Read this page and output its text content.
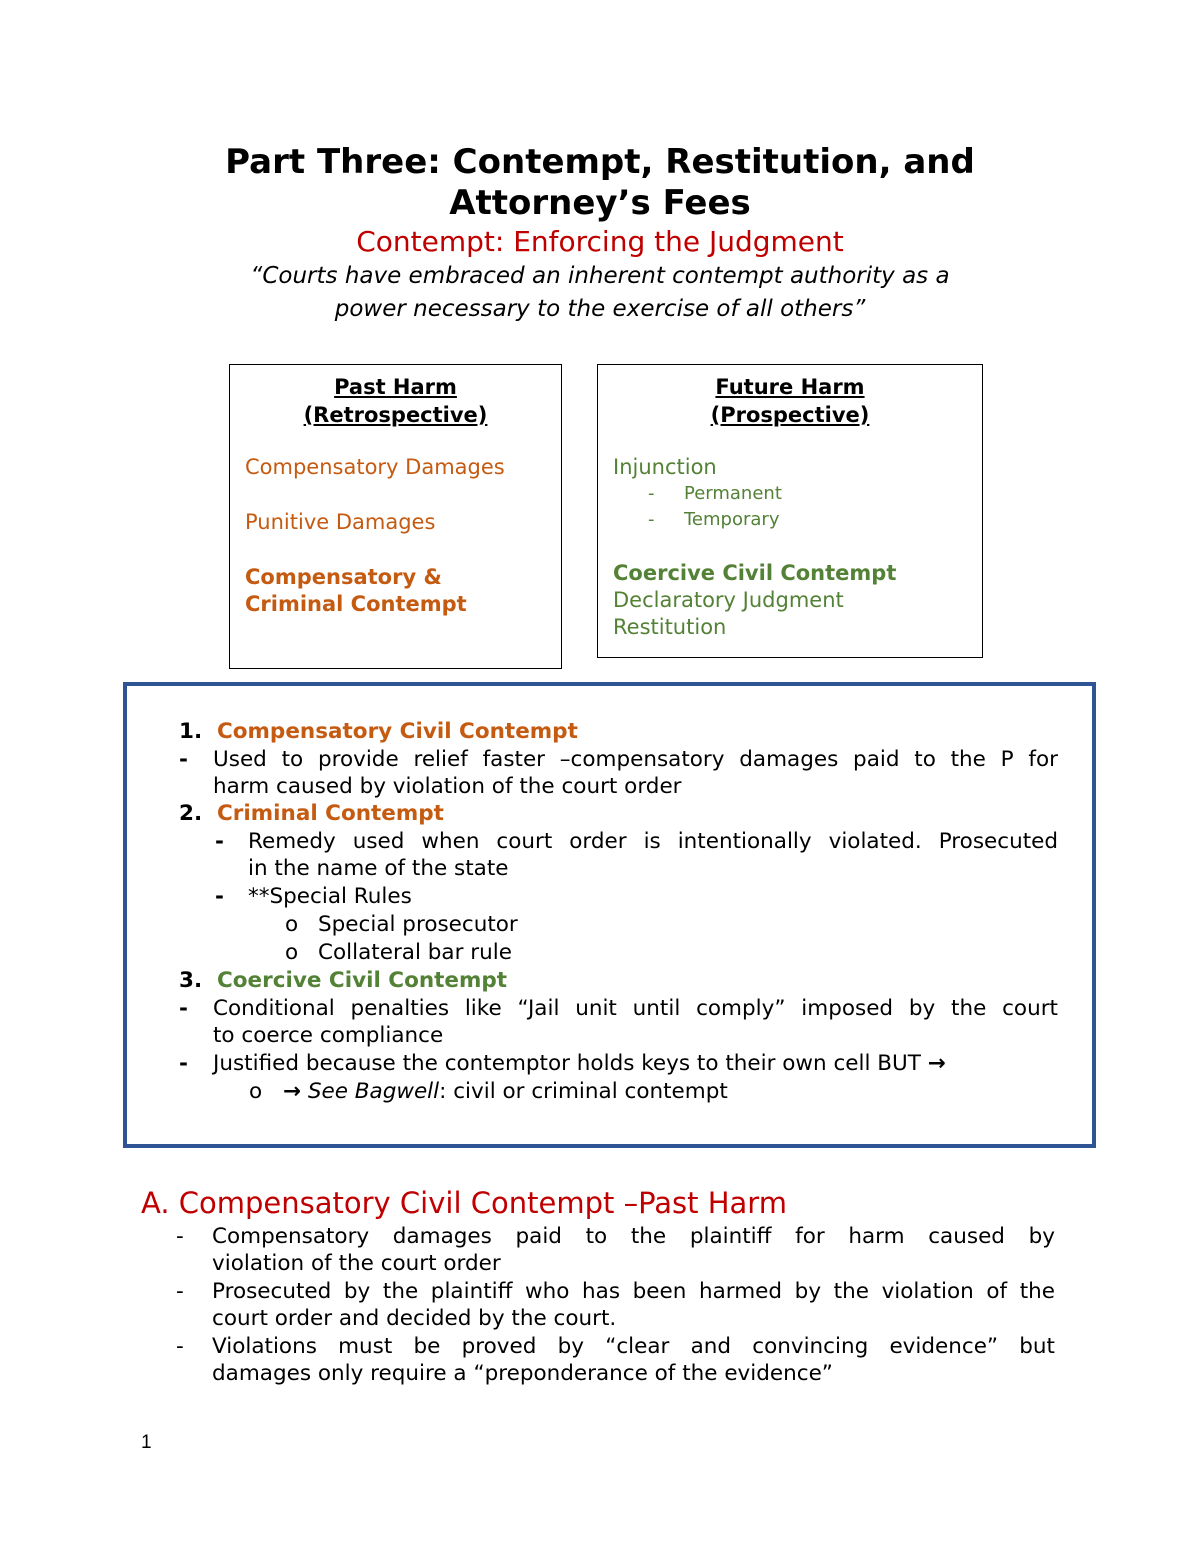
Part Three: Contempt, Restitution, and
Attorney’s Fees
Contempt: Enforcing the Judgment
“Courts have embraced an inherent contempt authority as a
power necessary to the exercise of all others”
Past Harm
(Retrospective)
Compensatory Damages
Punitive Damages
Compensatory &
Criminal Contempt
Future Harm
(Prospective)
Injunction
- Permanent
- Temporary
Coercive Civil Contempt
Declaratory Judgment
Restitution
1. Compensatory Civil Contempt
- Used to provide relief faster –compensatory damages paid to the P for
harm caused by violation of the court order
2. Criminal Contempt
- Remedy used when court order is intentionally violated. Prosecuted
in the name of the state
- **Special Rules
o Special prosecutor
o Collateral bar rule
3. Coercive Civil Contempt
- Conditional penalties like “Jail unit until comply” imposed by the court
to coerce compliance
- Justified because the contemptor holds keys to their own cell BUT →
o → See Bagwell: civil or criminal contempt
A. Compensatory Civil Contempt –Past Harm
- Compensatory damages paid to the plaintiff for harm caused by
violation of the court order
- Prosecuted by the plaintiff who has been harmed by the violation of the
court order and decided by the court.
- Violations must be proved by “clear and convincing evidence” but
damages only require a “preponderance of the evidence”
1
